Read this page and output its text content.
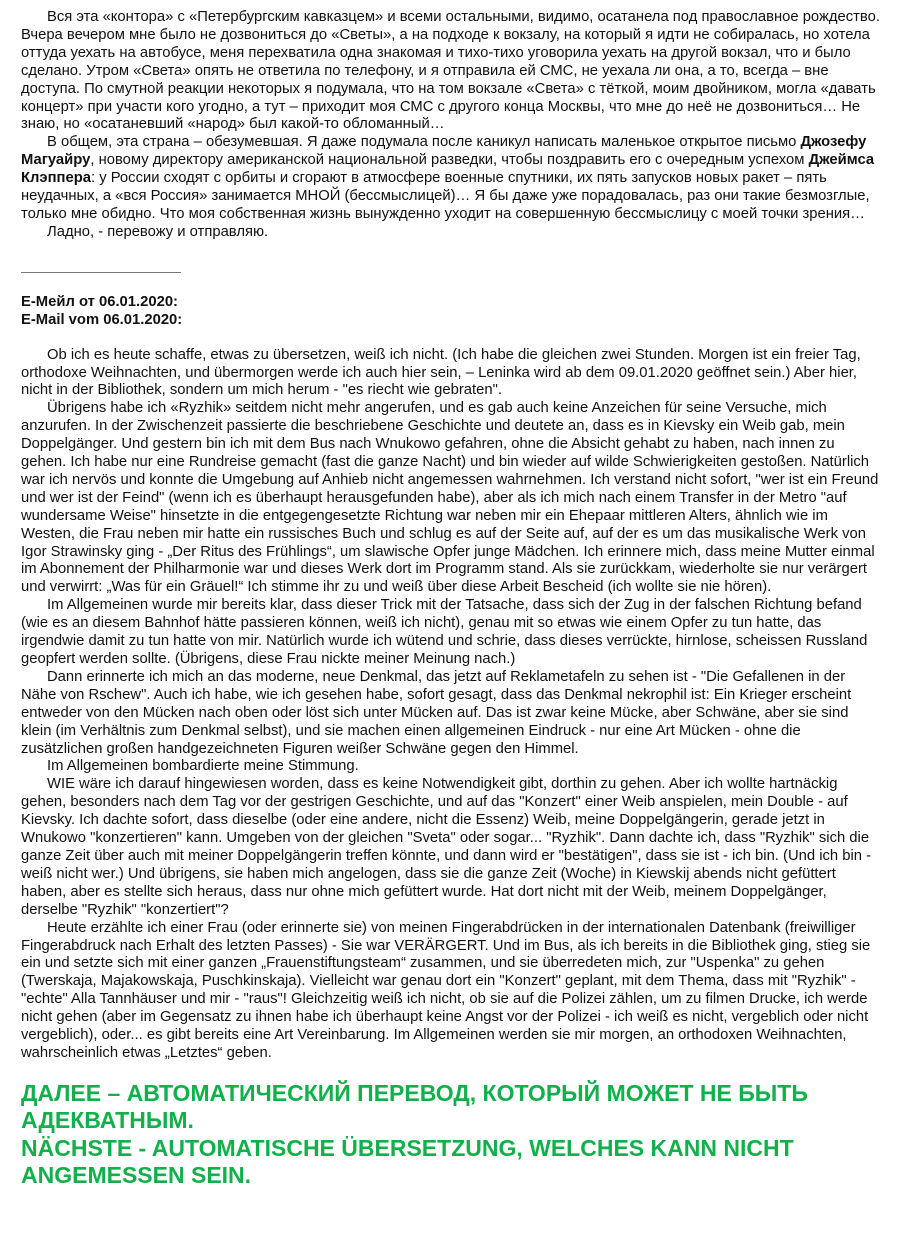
Вся эта «контора» с «Петербургским кавказцем» и всеми остальными, видимо, осатанела под православное рождество. Вчера вечером мне было не дозвониться до «Светы», а на подходе к вокзалу, на который я идти не собиралась, но хотела оттуда уехать на автобусе, меня перехватила одна знакомая и тихо-тихо уговорила уехать на другой вокзал, что и было сделано. Утром «Света» опять не ответила по телефону, и я отправила ей СМС, не уехала ли она, а то, всегда – вне доступа. По смутной реакции некоторых я подумала, что на том вокзале «Света» с тёткой, моим двойником, могла «давать концерт» при участи кого угодно, а тут – приходит моя СМС с другого конца Москвы, что мне до неё не дозвониться… Не знаю, но «осатаневший «народ» был какой-то обломанный…

В общем, эта страна – обезумевшая. Я даже подумала после каникул написать маленькое открытое письмо Джозефу Магуайру, новому директору американской национальной разведки, чтобы поздравить его с очередным успехом Джеймса Клэппера: у России сходят с орбиты и сгорают в атмосфере военные спутники, их пять запусков новых ракет – пять неудачных, а «вся Россия» занимается МНОЙ (бессмыслицей)… Я бы даже уже порадовалась, раз они такие безмозглые, только мне обидно. Что моя собственная жизнь вынужденно уходит на совершенную бессмыслицу с моей точки зрения…

Ладно, - перевожу и отправляю.

Е-Мейл от 06.01.2020:

E-Mail vom 06.01.2020:

Ob ich es heute schaffe, etwas zu übersetzen, weiß ich nicht. (Ich habe die gleichen zwei Stunden. Morgen ist ein freier Tag, orthodoxe Weihnachten, und übermorgen werde ich auch hier sein, – Leninka wird ab dem 09.01.2020 geöffnet sein.) Aber hier, nicht in der Bibliothek, sondern um mich herum - "es riecht wie gebraten".

Übrigens habe ich «Ryzhik» seitdem nicht mehr angerufen, und es gab auch keine Anzeichen für seine Versuche, mich anzurufen. In der Zwischenzeit passierte die beschriebene Geschichte und deutete an, dass es in Kievsky ein Weib gab, mein Doppelgänger. Und gestern bin ich mit dem Bus nach Wnukowo gefahren, ohne die Absicht gehabt zu haben, nach innen zu gehen. Ich habe nur eine Rundreise gemacht (fast die ganze Nacht) und bin wieder auf wilde Schwierigkeiten gestoßen. Natürlich war ich nervös und konnte die Umgebung auf Anhieb nicht angemessen wahrnehmen. Ich verstand nicht sofort, "wer ist ein Freund und wer ist der Feind" (wenn ich es überhaupt herausgefunden habe), aber als ich mich nach einem Transfer in der Metro "auf wundersame Weise" hinsetzte in die entgegengesetzte Richtung war neben mir ein Ehepaar mittleren Alters, ähnlich wie im Westen, die Frau neben mir hatte ein russisches Buch und schlug es auf der Seite auf, auf der es um das musikalische Werk von Igor Strawinsky ging - „Der Ritus des Frühlings“, um slawische Opfer junge Mädchen. Ich erinnere mich, dass meine Mutter einmal im Abonnement der Philharmonie war und dieses Werk dort im Programm stand. Als sie zurückkam, wiederholte sie nur verärgert und verwirrt: „Was für ein Gräuel!“ Ich stimme ihr zu und weiß über diese Arbeit Bescheid (ich wollte sie nie hören).

Im Allgemeinen wurde mir bereits klar, dass dieser Trick mit der Tatsache, dass sich der Zug in der falschen Richtung befand (wie es an diesem Bahnhof hätte passieren können, weiß ich nicht), genau mit so etwas wie einem Opfer zu tun hatte, das irgendwie damit zu tun hatte von mir. Natürlich wurde ich wütend und schrie, dass dieses verrückte, hirnlose, scheissen Russland geopfert werden sollte. (Übrigens, diese Frau nickte meiner Meinung nach.)

Dann erinnerte ich mich an das moderne, neue Denkmal, das jetzt auf Reklametafeln zu sehen ist - "Die Gefallenen in der Nähe von Rschew". Auch ich habe, wie ich gesehen habe, sofort gesagt, dass das Denkmal nekrophil ist: Ein Krieger erscheint entweder von den Mücken nach oben oder löst sich unter Mücken auf. Das ist zwar keine Mücke, aber Schwäne, aber sie sind klein (im Verhältnis zum Denkmal selbst), und sie machen einen allgemeinen Eindruck - nur eine Art Mücken - ohne die zusätzlichen großen handgezeichneten Figuren weißer Schwäne gegen den Himmel.

Im Allgemeinen bombardierte meine Stimmung.

WIE wäre ich darauf hingewiesen worden, dass es keine Notwendigkeit gibt, dorthin zu gehen. Aber ich wollte hartnäckig gehen, besonders nach dem Tag vor der gestrigen Geschichte, und auf das "Konzert" einer Weib anspielen, mein Double - auf Kievsky. Ich dachte sofort, dass dieselbe (oder eine andere, nicht die Essenz) Weib, meine Doppelgängerin, gerade jetzt in Wnukowo "konzertieren" kann. Umgeben von der gleichen "Sveta" oder sogar... "Ryzhik". Dann dachte ich, dass "Ryzhik" sich die ganze Zeit über auch mit meiner Doppelgängerin treffen könnte, und dann wird er "bestätigen", dass sie ist - ich bin. (Und ich bin - weiß nicht wer.) Und übrigens, sie haben mich angelogen, dass sie die ganze Zeit (Woche) in Kiewskij abends nicht gefüttert haben, aber es stellte sich heraus, dass nur ohne mich gefüttert wurde. Hat dort nicht mit der Weib, meinem Doppelgänger, derselbe "Ryzhik" "konzertiert"?

Heute erzählte ich einer Frau (oder erinnerte sie) von meinen Fingerabdrücken in der internationalen Datenbank (freiwilliger Fingerabdruck nach Erhalt des letzten Passes) - Sie war VERÄRGERT. Und im Bus, als ich bereits in die Bibliothek ging, stieg sie ein und setzte sich mit einer ganzen „Frauenstiftungsteam“ zusammen, und sie überredeten mich, zur "Uspenka" zu gehen (Twerskaja, Majakowskaja, Puschkinskaja). Vielleicht war genau dort ein "Konzert" geplant, mit dem Thema, dass mit "Ryzhik" - "echte" Alla Tannhäuser und mir - "raus"! Gleichzeitig weiß ich nicht, ob sie auf die Polizei zählen, um zu filmen Drucke, ich werde nicht gehen (aber im Gegensatz zu ihnen habe ich überhaupt keine Angst vor der Polizei - ich weiß es nicht, vergeblich oder nicht vergeblich), oder... es gibt bereits eine Art Vereinbarung. Im Allgemeinen werden sie mir morgen, an orthodoxen Weihnachten, wahrscheinlich etwas „Letztes“ geben.

ДАЛЕЕ – АВТОМАТИЧЕСКИЙ ПЕРЕВОД, КОТОРЫЙ МОЖЕТ НЕ БЫТЬ
АДЕКВАТНЫМ.
NÄCHSTE - AUTOMATISCHE ÜBERSETZUNG, WELCHES KANN NICHT
ANGEMESSEN SEIN.
